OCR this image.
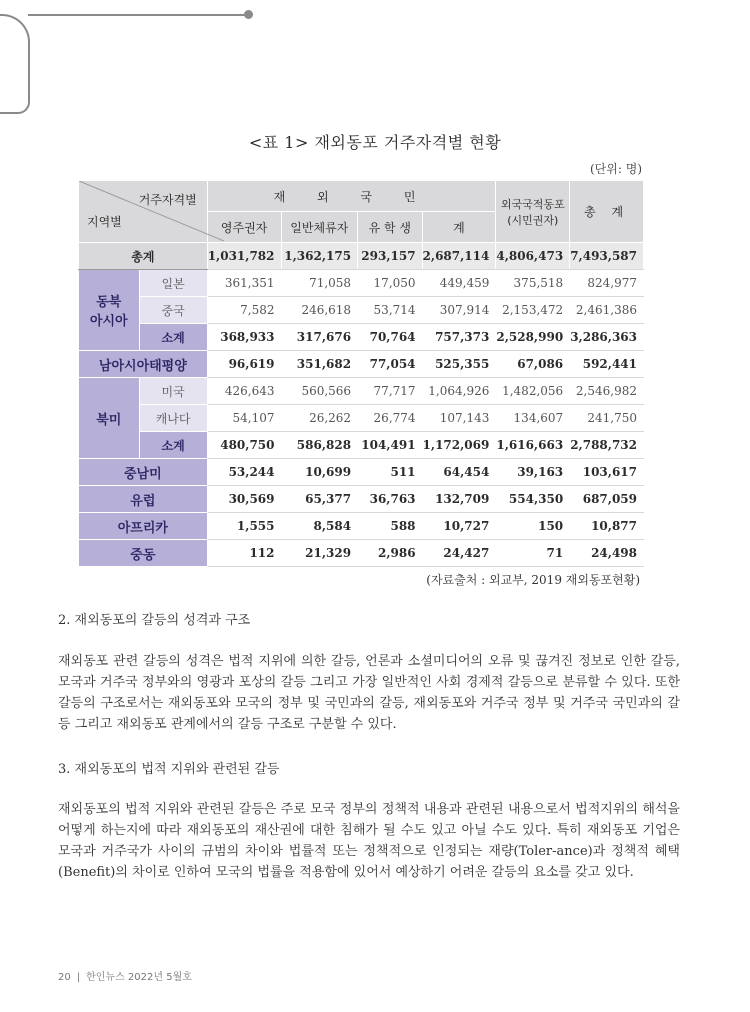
<표 1> 재외동포 거주자격별 현황
(단위: 명)
거주자격별
지역별		재 외 국 민				외국국적동포
(시민권자)	총 계
		영주권자	일반체류자	유 학 생	계		
총계		1,031,782	1,362,175	293,157	2,687,114	4,806,473	7,493,587
동북
아시아	일본	361,351	71,058	17,050	449,459	375,518	824,977
	중국	7,582	246,618	53,714	307,914	2,153,472	2,461,386
	소계	368,933	317,676	70,764	757,373	2,528,990	3,286,363
남아시아태평양		96,619	351,682	77,054	525,355	67,086	592,441
북미	미국	426,643	560,566	77,717	1,064,926	1,482,056	2,546,982
	캐나다	54,107	26,262	26,774	107,143	134,607	241,750
	소계	480,750	586,828	104,491	1,172,069	1,616,663	2,788,732
중남미		53,244	10,699	511	64,454	39,163	103,617
유럽		30,569	65,377	36,763	132,709	554,350	687,059
아프리카		1,555	8,584	588	10,727	150	10,877
중동		112	21,329	2,986	24,427	71	24,498
(자료출처 : 외교부, 2019 재외동포현황)
2. 재외동포의 갈등의 성격과 구조

재외동포 관련 갈등의 성격은 법적 지위에 의한 갈등, 언론과 소셜미디어의 오류 및 끊겨진 정보로 인한 갈등, 모국과 거주국 정부와의 영광과 포상의 갈등 그리고 가장 일반적인 사회 경제적 갈등으로 분류할 수 있다. 또한 갈등의 구조로서는 재외동포와 모국의 정부 및 국민과의 갈등, 재외동포와 거주국 정부 및 거주국 국민과의 갈등 그리고 재외동포 관계에서의 갈등 구조로 구분할 수 있다.

3. 재외동포의 법적 지위와 관련된 갈등

재외동포의 법적 지위와 관련된 갈등은 주로 모국 정부의 정책적 내용과 관련된 내용으로서 법적지위의 해석을 어떻게 하는지에 따라 재외동포의 재산권에 대한 침해가 될 수도 있고 아닐 수도 있다. 특히 재외동포 기업은 모국과 거주국가 사이의 규범의 차이와 법률적 또는 정책적으로 인정되는 재량(Toler-ance)과 정책적 혜택(Benefit)의 차이로 인하여 모국의 법률을 적용함에 있어서 예상하기 어려운 갈등의 요소를 갖고 있다.

20 | 한인뉴스 2022년 5월호
